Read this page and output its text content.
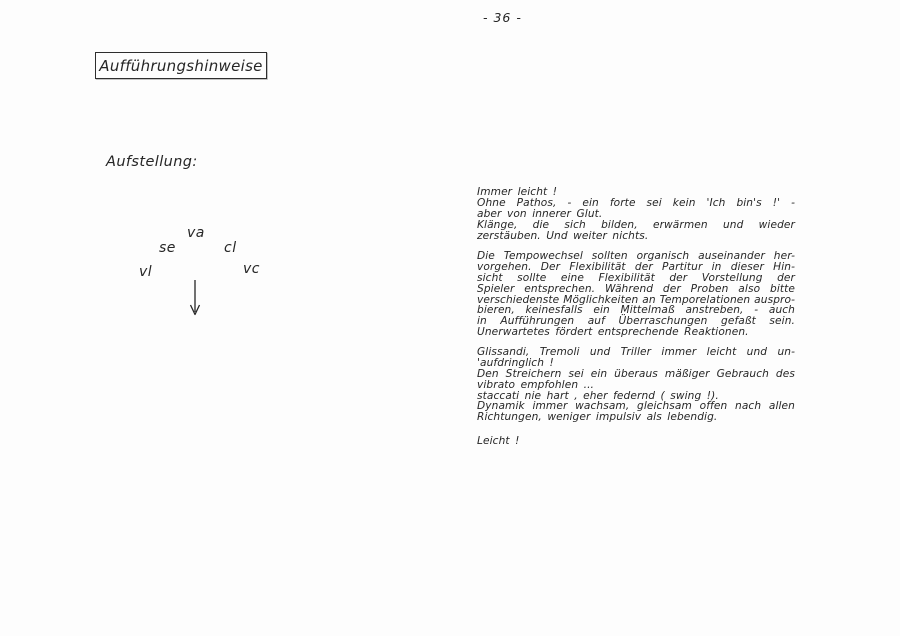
- 36 -
Aufführungshinweise
Aufstellung:
va
se	cl
vl	vc
Immer leicht !
Ohne Pathos, - ein forte sei kein 'Ich bin's !' -
aber von innerer Glut.
Klänge, die sich bilden, erwärmen und wieder
zerstäuben. Und weiter nichts.
Die Tempowechsel sollten organisch auseinander her-
vorgehen. Der Flexibilität der Partitur in dieser Hin-
sicht sollte eine Flexibilität der Vorstellung der
Spieler entsprechen. Während der Proben also bitte
verschiedenste Möglichkeiten an Temporelationen auspro-
bieren, keinesfalls ein Mittelmaß anstreben, - auch
in Aufführungen auf Überraschungen gefaßt sein.
Unerwartetes fördert entsprechende Reaktionen.
Glissandi, Tremoli und Triller immer leicht und un-
'aufdringlich !
Den Streichern sei ein überaus mäßiger Gebrauch des
vibrato empfohlen ...
staccati nie hart , eher federnd ( swing !).
Dynamik immer wachsam, gleichsam offen nach allen
Richtungen, weniger impulsiv als lebendig.
Leicht !
